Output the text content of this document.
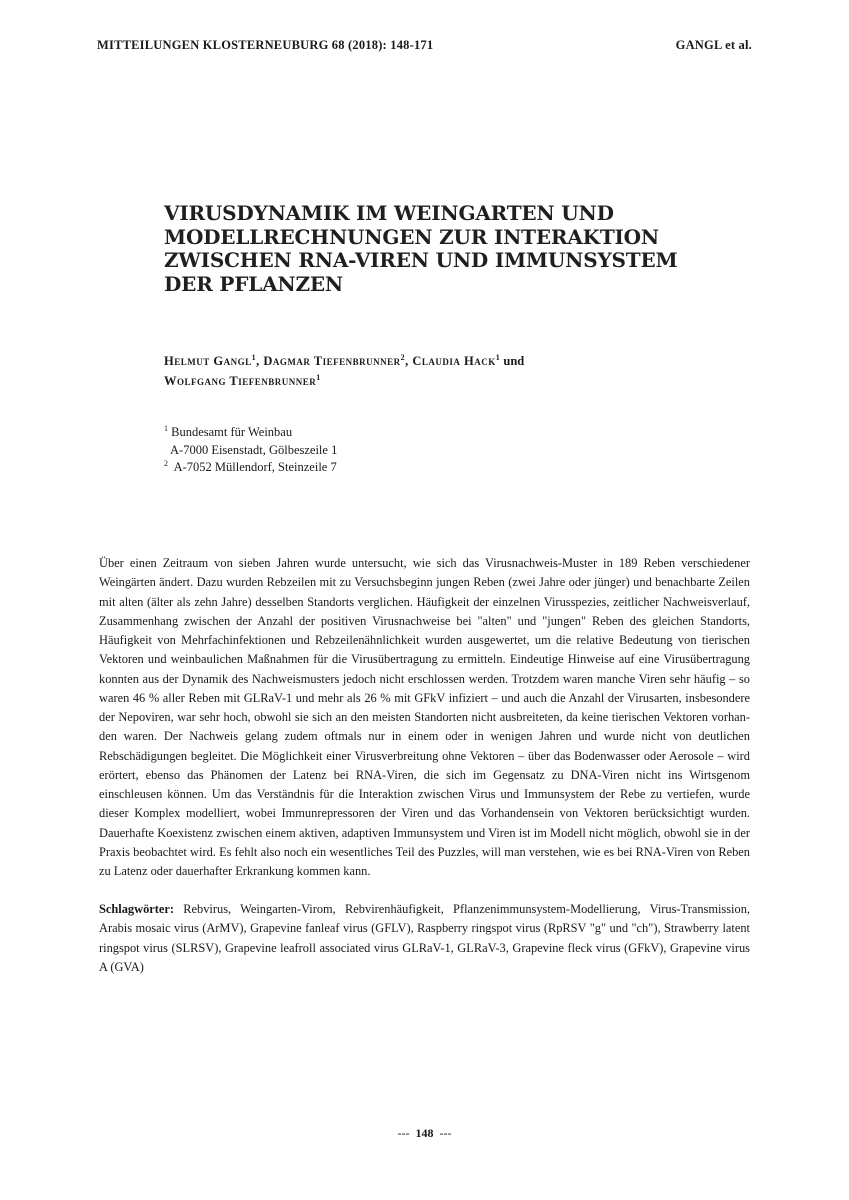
MITTEILUNGEN KLOSTERNEUBURG 68 (2018): 148-171	GANGL et al.
VIRUSDYNAMIK IM WEINGARTEN UND
MODELLRECHNUNGEN ZUR INTERAKTION
ZWISCHEN RNA-VIREN UND IMMUNSYSTEM
DER PFLANZEN
Helmut Gangl$^1$, Dagmar Tiefenbrunner$^2$, Claudia Hack$^1$ und
Wolfgang Tiefenbrunner$^1$
$^1$ Bundesamt für Weinbau
A-7000 Eisenstadt, Gölbeszeile 1
$^2$ A-7052 Müllendorf, Steinzeile 7

Über einen Zeitraum von sieben Jahren wurde untersucht, wie sich das Virusnachweis-Muster in 189 Reben verschiedener Weingärten ändert. Dazu wurden Rebzeilen mit zu Versuchsbeginn jungen Reben (zwei Jahre oder jünger) und benachbarte Zeilen mit alten (älter als zehn Jahre) desselben Standorts verglichen. Häufigkeit der einzelnen Virusspezies, zeitlicher Nachweisverlauf, Zusammenhang zwischen der Anzahl der positiven Virusnachweise bei "alten" und "jungen" Reben des gleichen Standorts, Häufigkeit von Mehrfachinfektionen und Rebzeilenähnlichkeit wurden ausgewertet, um die relative Bedeutung von tierischen Vektoren und weinbaulichen Maßnahmen für die Virusübertragung zu ermitteln. Eindeutige Hinweise auf eine Virusübertragung konnten aus der Dynamik des Nachweismusters jedoch nicht erschlossen werden. Trotzdem waren manche Viren sehr häufig – so waren 46 % aller Reben mit GLRaV-1 und mehr als 26 % mit GFkV infiziert – und auch die Anzahl der Virusarten, insbesondere der Nepoviren, war sehr hoch, obwohl sie sich an den meisten Standorten nicht ausbreiteten, da keine tierischen Vektoren vorhanden waren. Der Nachweis gelang zudem oftmals nur in einem oder in wenigen Jahren und wurde nicht von deutlichen Rebschädigungen begleitet. Die Möglichkeit einer Virusverbreitung ohne Vektoren – über das Bodenwasser oder Aerosole – wird erörtert, ebenso das Phänomen der Latenz bei RNA-Viren, die sich im Gegensatz zu DNA-Viren nicht ins Wirtsgenom einschleusen können. Um das Verständnis für die Interaktion zwischen Virus und Immunsystem der Rebe zu vertiefen, wurde dieser Komplex modelliert, wobei Immunrepressoren der Viren und das Vorhandensein von Vektoren berücksichtigt wurden. Dauerhafte Koexistenz zwischen einem aktiven, adaptiven Immunsystem und Viren ist im Modell nicht möglich, obwohl sie in der Praxis beobachtet wird. Es fehlt also noch ein wesentliches Teil des Puzzles, will man verstehen, wie es bei RNA-Viren von Reben zu Latenz oder dauerhafter Erkrankung kommen kann.

Schlagwörter: Rebvirus, Weingarten-Virom, Rebvirenhäufigkeit, Pflanzenimmunsystem-Modellierung, Virus-Transmission, Arabis mosaic virus (ArMV), Grapevine fanleaf virus (GFLV), Raspberry ringspot virus (RpRSV "g" und "ch"), Strawberry latent ringspot virus (SLRSV), Grapevine leafroll associated virus GLRaV-1, GLRaV-3, Grapevine fleck virus (GFkV), Grapevine virus A (GVA)

--- 148 ---
